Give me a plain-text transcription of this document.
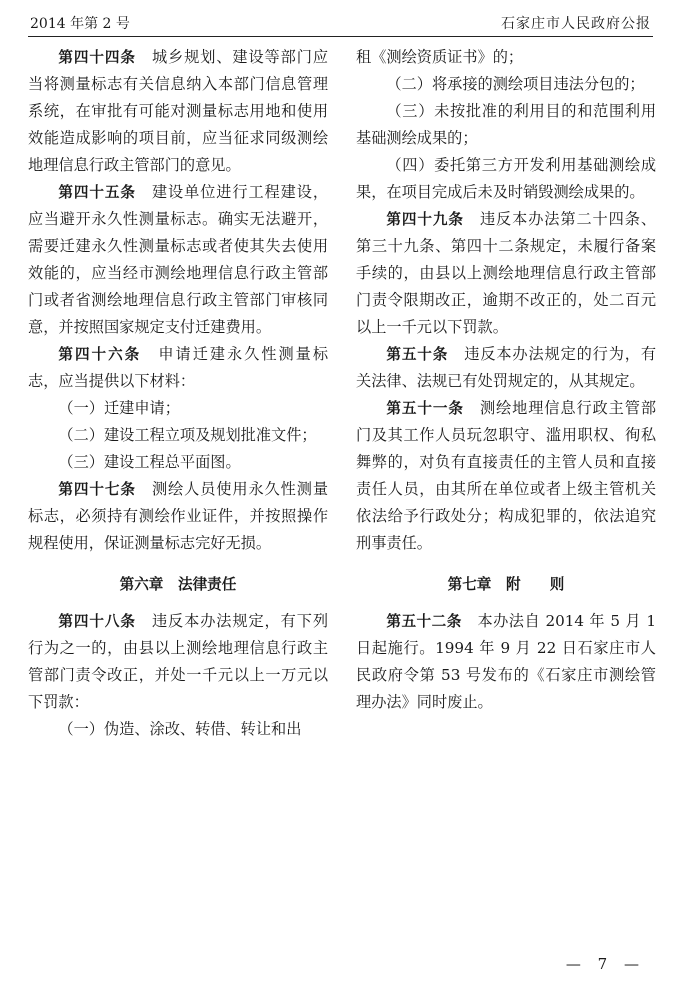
2014 年第 2 号	石家庄市人民政府公报

第四十四条　 城乡规划、建设等部门应当将测量标志有关信息纳入本部门信息管理系统，在审批有可能对测量标志用地和使用效能造成影响的项目前，应当征求同级测绘地理信息行政主管部门的意见。

第四十五条　 建设单位进行工程建设，应当避开永久性测量标志。确实无法避开，需要迁建永久性测量标志或者使其失去使用效能的，应当经市测绘地理信息行政主管部门或者省测绘地理信息行政主管部门审核同意，并按照国家规定支付迁建费用。

第四十六条　 申请迁建永久性测量标志，应当提供以下材料：

（一）迁建申请；

（二）建设工程立项及规划批准文件；

（三）建设工程总平面图。

第四十七条　 测绘人员使用永久性测量标志，必须持有测绘作业证件，并按照操作规程使用，保证测量标志完好无损。

第六章　法律责任

第四十八条　 违反本办法规定，有下列行为之一的，由县以上测绘地理信息行政主管部门责令改正，并处一千元以上一万元以下罚款：

（一）伪造、涂改、转借、转让和出

租《测绘资质证书》的；

（二）将承接的测绘项目违法分包的；

（三）未按批准的利用目的和范围利用基础测绘成果的；

（四）委托第三方开发利用基础测绘成果，在项目完成后未及时销毁测绘成果的。

第四十九条　 违反本办法第二十四条、第三十九条、第四十二条规定，未履行备案手续的，由县以上测绘地理信息行政主管部门责令限期改正，逾期不改正的，处二百元以上一千元以下罚款。

第五十条　 违反本办法规定的行为，有关法律、法规已有处罚规定的，从其规定。

第五十一条　 测绘地理信息行政主管部门及其工作人员玩忽职守、滥用职权、徇私舞弊的，对负有直接责任的主管人员和直接责任人员，由其所在单位或者上级主管机关依法给予行政处分；构成犯罪的，依法追究刑事责任。

第七章　附　　则

第五十二条　 本办法自 2014 年 5 月 1 日起施行。1994 年 9 月 22 日石家庄市人民政府令第 53 号发布的《石家庄市测绘管理办法》同时废止。

— 7 —
